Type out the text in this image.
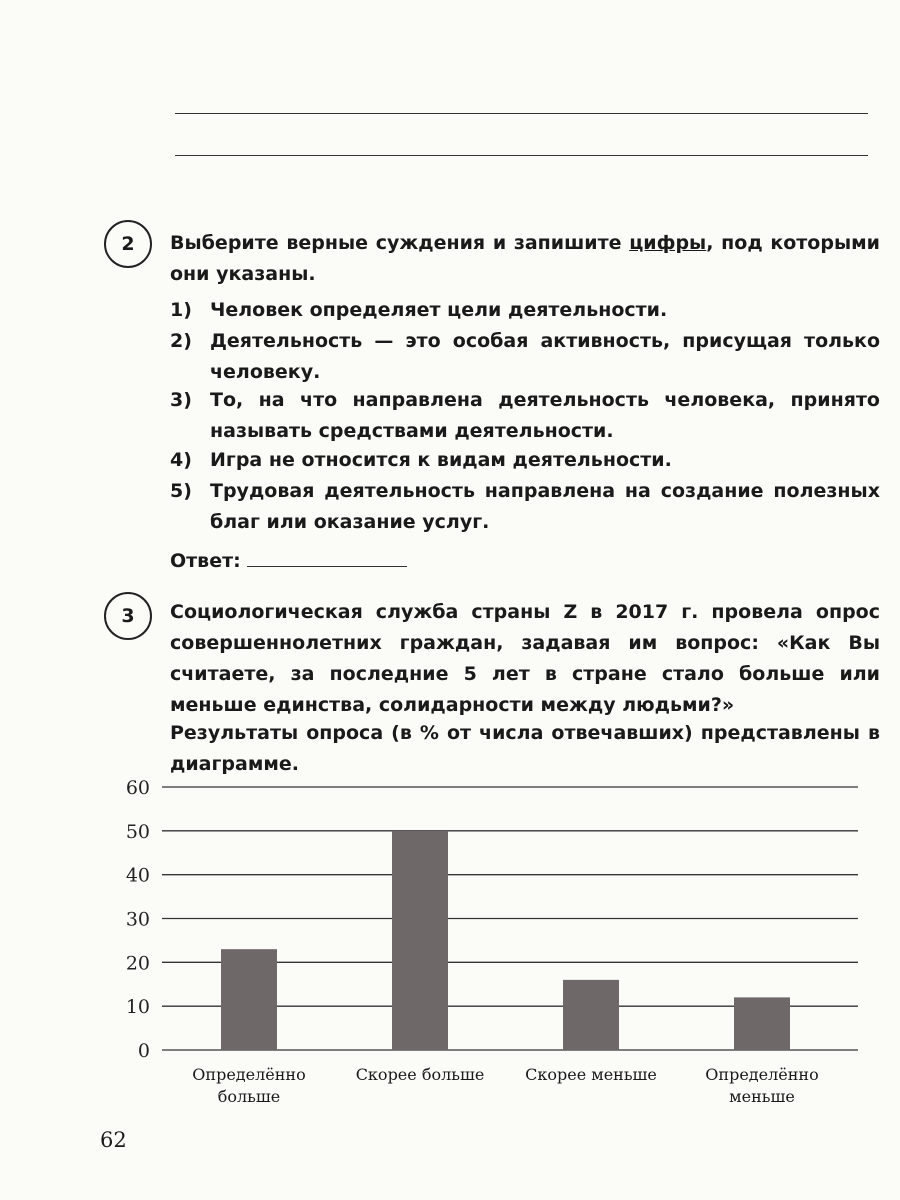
2	Выберите верные суждения и запишите цифры, под которыми они указаны.
1) Человек определяет цели деятельности.
2) Деятельность — это особая активность, присущая только человеку.
3) То, на что направлена деятельность человека, принято называть средствами деятельности.
4) Игра не относится к видам деятельности.
5) Трудовая деятельность направлена на создание полезных благ или оказание услуг.
Ответ:
3	Социологическая служба страны Z в 2017 г. провела опрос совершеннолетних граждан, задавая им вопрос: «Как Вы считаете, за последние 5 лет в стране стало больше или меньше единства, солидарности между людьми?»
Результаты опроса (в % от числа отвечавших) представлены в диаграмме.
0
10
20
30
40
50
60
62
Определённо больше
Скорее больше	Скорее меньше	Определённо меньше
